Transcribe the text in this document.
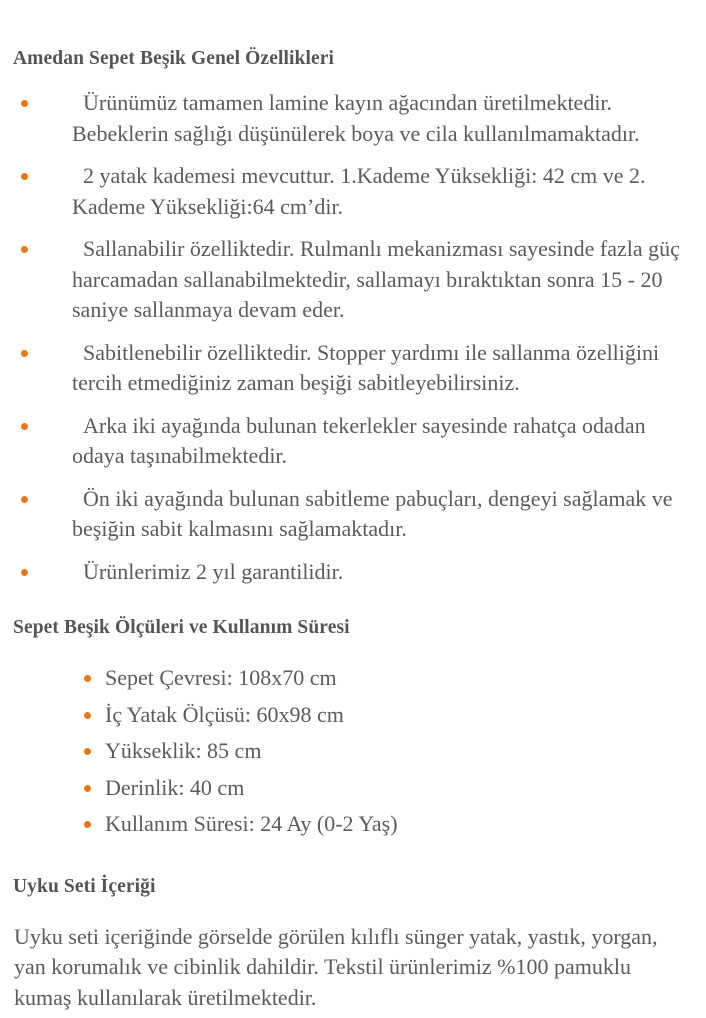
Amedan Sepet Beşik Genel Özellikleri
Ürünümüz tamamen lamine kayın ağacından üretilmektedir. Bebeklerin sağlığı düşünülerek boya ve cila kullanılmamaktadır.
2 yatak kademesi mevcuttur. 1.Kademe Yüksekliği: 42 cm ve 2. Kademe Yüksekliği:64 cm’dir.
Sallanabilir özelliktedir. Rulmanlı mekanizması sayesinde fazla güç harcamadan sallanabilmektedir, sallamayı bıraktıktan sonra 15 - 20 saniye sallanmaya devam eder.
Sabitlenebilir özelliktedir. Stopper yardımı ile sallanma özelliğini tercih etmediğiniz zaman beşiği sabitleyebilirsiniz.
Arka iki ayağında bulunan tekerlekler sayesinde rahatça odadan odaya taşınabilmektedir.
Ön iki ayağında bulunan sabitleme pabuçları, dengeyi sağlamak ve beşiğin sabit kalmasını sağlamaktadır.
Ürünlerimiz 2 yıl garantilidir.
Sepet Beşik Ölçüleri ve Kullanım Süresi
Sepet Çevresi: 108x70 cm
İç Yatak Ölçüsü: 60x98 cm
Yükseklik: 85 cm
Derinlik: 40 cm
Kullanım Süresi: 24 Ay (0-2 Yaş)
Uyku Seti İçeriği

Uyku seti içeriğinde görselde görülen kılıflı sünger yatak, yastık, yorgan, yan korumalık ve cibinlik dahildir. Tekstil ürünlerimiz %100 pamuklu kumaş kullanılarak üretilmektedir.
